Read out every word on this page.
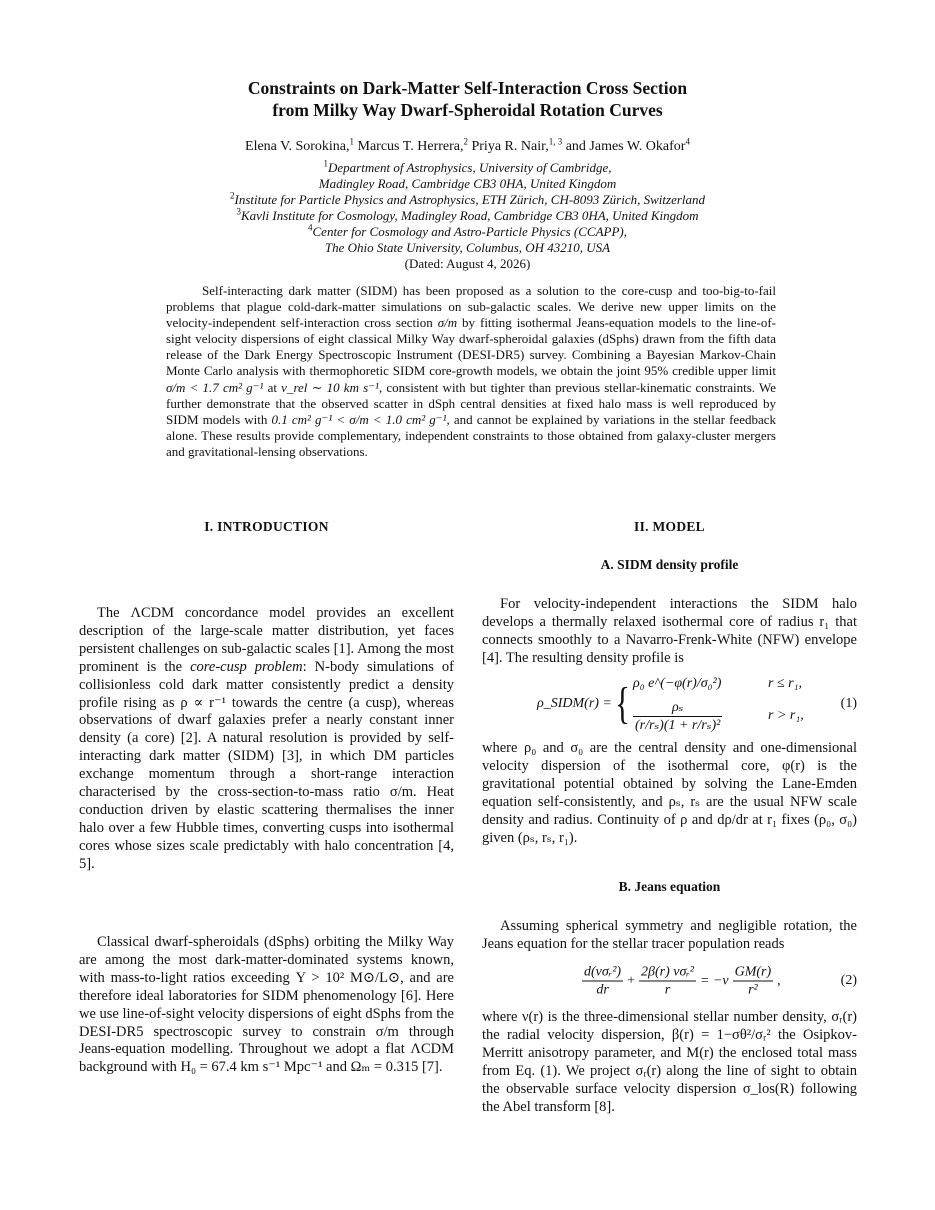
Constraints on Dark-Matter Self-Interaction Cross Section
from Milky Way Dwarf-Spheroidal Rotation Curves
Elena V. Sorokina,$^1$ Marcus T. Herrera,$^2$ Priya R. Nair,$^{1, 3}$ and James W. Okafor$^4$
$^1$Department of Astrophysics, University of Cambridge,
Madingley Road, Cambridge CB3 0HA, United Kingdom
$^2$Institute for Particle Physics and Astrophysics, ETH Zürich, CH-8093 Zürich, Switzerland
$^3$Kavli Institute for Cosmology, Madingley Road, Cambridge CB3 0HA, United Kingdom
$^4$Center for Cosmology and Astro-Particle Physics (CCAPP),
The Ohio State University, Columbus, OH 43210, USA
(Dated: August 4, 2026)
Self-interacting dark matter (SIDM) has been proposed as a solution to the core-cusp and too-big-to-fail problems that plague cold-dark-matter simulations on sub-galactic scales. We derive new upper limits on the velocity-independent self-interaction cross section σ/m by fitting isothermal Jeans-equation models to the line-of-sight velocity dispersions of eight classical Milky Way dwarf-spheroidal galaxies (dSphs) drawn from the fifth data release of the Dark Energy Spectroscopic Instrument (DESI-DR5) survey. Combining a Bayesian Markov-Chain Monte Carlo analysis with thermophoretic SIDM core-growth models, we obtain the joint 95% credible upper limit σ/m < 1.7 cm² g⁻¹ at v_rel ∼ 10 km s⁻¹, consistent with but tighter than previous stellar-kinematic constraints. We further demonstrate that the observed scatter in dSph central densities at fixed halo mass is well reproduced by SIDM models with 0.1 cm² g⁻¹ < σ/m < 1.0 cm² g⁻¹, and cannot be explained by variations in the stellar feedback alone. These results provide complementary, independent constraints to those obtained from galaxy-cluster mergers and gravitational-lensing observations.
I. INTRODUCTION

The ΛCDM concordance model provides an excellent description of the large-scale matter distribution, yet faces persistent challenges on sub-galactic scales [1]. Among the most prominent is the core-cusp problem: N-body simulations of collisionless cold dark matter consistently predict a density profile rising as ρ ∝ r⁻¹ towards the centre (a cusp), whereas observations of dwarf galaxies prefer a nearly constant inner density (a core) [2]. A natural resolution is provided by self-interacting dark matter (SIDM) [3], in which DM particles exchange momentum through a short-range interaction characterised by the cross-section-to-mass ratio σ/m. Heat conduction driven by elastic scattering thermalises the inner halo over a few Hubble times, converting cusps into isothermal cores whose sizes scale predictably with halo concentration [4, 5].

Classical dwarf-spheroidals (dSphs) orbiting the Milky Way are among the most dark-matter-dominated systems known, with mass-to-light ratios exceeding Υ > 10² M⊙/L⊙, and are therefore ideal laboratories for SIDM phenomenology [6]. Here we use line-of-sight velocity dispersions of eight dSphs from the DESI-DR5 spectroscopic survey to constrain σ/m through Jeans-equation modelling. Throughout we adopt a flat ΛCDM background with H₀ = 67.4 km s⁻¹ Mpc⁻¹ and Ωₘ = 0.315 [7].

II. MODEL
A. SIDM density profile

For velocity-independent interactions the SIDM halo develops a thermally relaxed isothermal core of radius r₁ that connects smoothly to a Navarro-Frenk-White (NFW) envelope [4]. The resulting density profile is

ρ_SIDM(r) = { ρ₀ e^(−φ(r)/σ₀²)	r ≤ r₁,
$\frac{\text{ρₛ}}{\text{(r/rₛ)(1 + r/rₛ)²}}$	r > r₁,
(1)

where ρ₀ and σ₀ are the central density and one-dimensional velocity dispersion of the isothermal core, φ(r) is the gravitational potential obtained by solving the Lane-Emden equation self-consistently, and ρₛ, rₛ are the usual NFW scale density and radius. Continuity of ρ and dρ/dr at r₁ fixes (ρ₀, σ₀) given (ρₛ, rₛ, r₁).

B. Jeans equation

Assuming spherical symmetry and negligible rotation, the Jeans equation for the stellar tracer population reads

$\frac{\text{d(νσᵣ²)}}{dr} + \frac{\text{2β(r) νσᵣ²}}{r} = -\nu \frac{GM(r)}{\text{r²}}$ ,	(2)

where ν(r) is the three-dimensional stellar number density, σᵣ(r) the radial velocity dispersion, β(r) = 1−σθ²/σᵣ² the Osipkov-Merritt anisotropy parameter, and M(r) the enclosed total mass from Eq. (1). We project σᵣ(r) along the line of sight to obtain the observable surface velocity dispersion σ_los(R) following the Abel transform [8].
